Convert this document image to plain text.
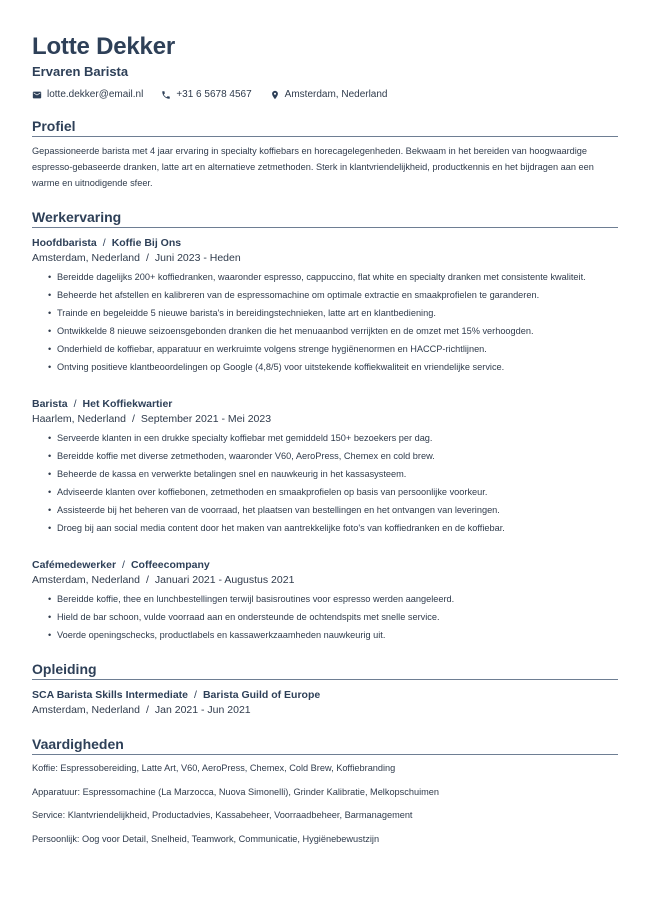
Lotte Dekker
Ervaren Barista
lotte.dekker@email.nl	+31 6 5678 4567	Amsterdam, Nederland
Profiel
Gepassioneerde barista met 4 jaar ervaring in specialty koffiebars en horecagelegenheden. Bekwaam in het bereiden van hoogwaardige espresso-gebaseerde dranken, latte art en alternatieve zetmethoden. Sterk in klantvriendelijkheid, productkennis en het bijdragen aan een warme en uitnodigende sfeer.
Werkervaring
Hoofdbarista / Koffie Bij Ons
Amsterdam, Nederland / Juni 2023 - Heden
• Bereidde dagelijks 200+ koffiedranken, waaronder espresso, cappuccino, flat white en specialty dranken met consistente kwaliteit.
• Beheerde het afstellen en kalibreren van de espressomachine om optimale extractie en smaakprofielen te garanderen.
• Trainde en begeleidde 5 nieuwe barista's in bereidingstechnieken, latte art en klantbediening.
• Ontwikkelde 8 nieuwe seizoensgebonden dranken die het menuaanbod verrijkten en de omzet met 15% verhoogden.
• Onderhield de koffiebar, apparatuur en werkruimte volgens strenge hygiënenormen en HACCP-richtlijnen.
• Ontving positieve klantbeoordelingen op Google (4,8/5) voor uitstekende koffiekwaliteit en vriendelijke service.
Barista / Het Koffiekwartier
Haarlem, Nederland / September 2021 - Mei 2023
• Serveerde klanten in een drukke specialty koffiebar met gemiddeld 150+ bezoekers per dag.
• Bereidde koffie met diverse zetmethoden, waaronder V60, AeroPress, Chemex en cold brew.
• Beheerde de kassa en verwerkte betalingen snel en nauwkeurig in het kassasysteem.
• Adviseerde klanten over koffiebonen, zetmethoden en smaakprofielen op basis van persoonlijke voorkeur.
• Assisteerde bij het beheren van de voorraad, het plaatsen van bestellingen en het ontvangen van leveringen.
• Droeg bij aan social media content door het maken van aantrekkelijke foto's van koffiedranken en de koffiebar.
Cafémedewerker / Coffeecompany
Amsterdam, Nederland / Januari 2021 - Augustus 2021
• Bereidde koffie, thee en lunchbestellingen terwijl basisroutines voor espresso werden aangeleerd.
• Hield de bar schoon, vulde voorraad aan en ondersteunde de ochtendspits met snelle service.
• Voerde openingschecks, productlabels en kassawerkzaamheden nauwkeurig uit.
Opleiding
SCA Barista Skills Intermediate / Barista Guild of Europe
Amsterdam, Nederland / Jan 2021 - Jun 2021
Vaardigheden
Koffie: Espressobereiding, Latte Art, V60, AeroPress, Chemex, Cold Brew, Koffiebranding
Apparatuur: Espressomachine (La Marzocca, Nuova Simonelli), Grinder Kalibratie, Melkopschuimen
Service: Klantvriendelijkheid, Productadvies, Kassabeheer, Voorraadbeheer, Barmanagement
Persoonlijk: Oog voor Detail, Snelheid, Teamwork, Communicatie, Hygiënebewustzijn
